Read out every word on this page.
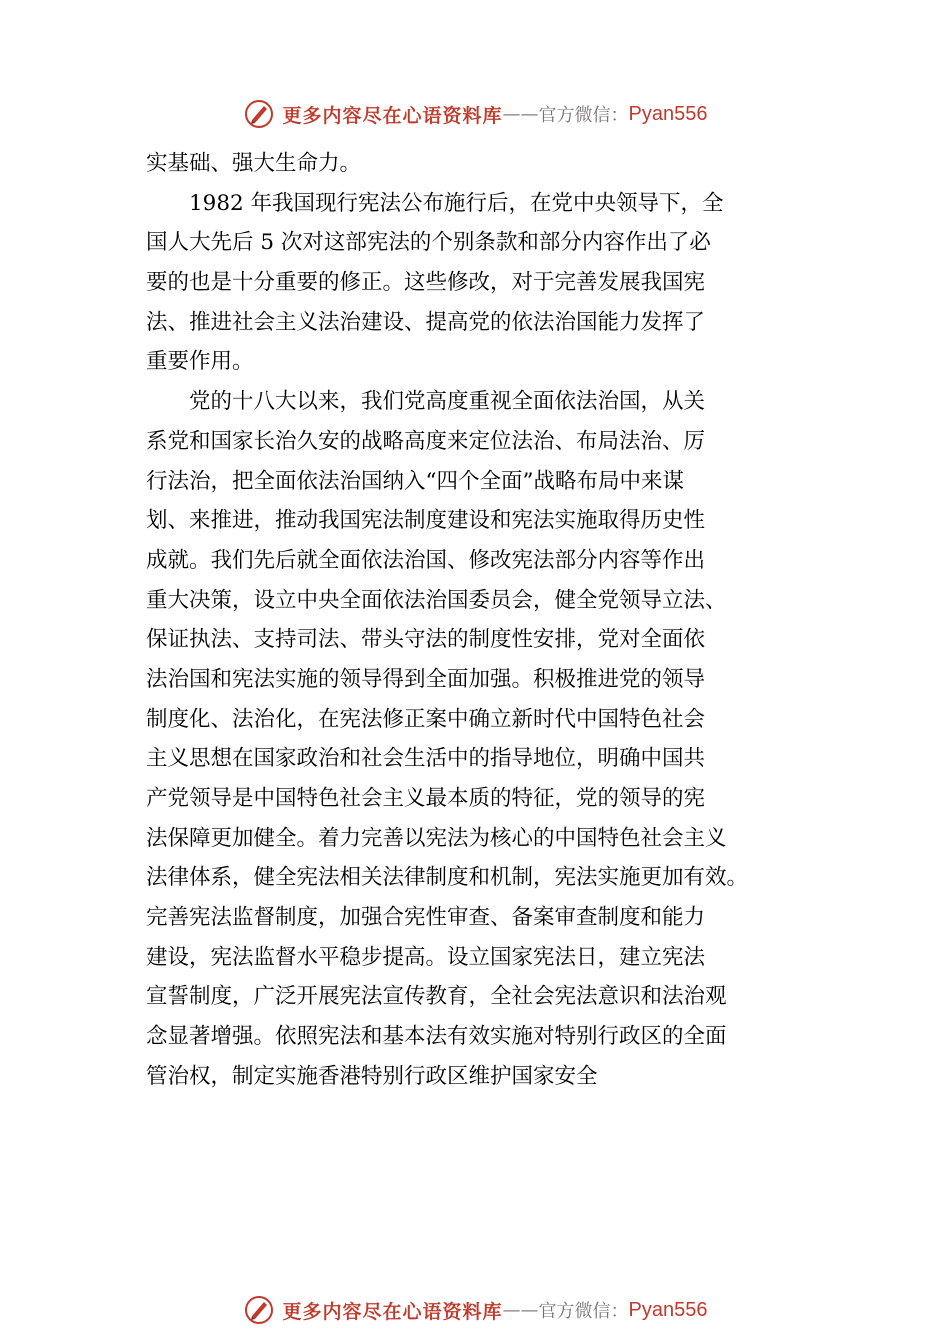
更多内容尽在心语资料库 —— 官方微信： Pyan556
实基础、强大生命力。
　　1982 年我国现行宪法公布施行后，在党中央领导下，全
国人大先后 5 次对这部宪法的个别条款和部分内容作出了必
要的也是十分重要的修正。这些修改，对于完善发展我国宪
法、推进社会主义法治建设、提高党的依法治国能力发挥了
重要作用。
　　党的十八大以来，我们党高度重视全面依法治国，从关
系党和国家长治久安的战略高度来定位法治、布局法治、厉
行法治，把全面依法治国纳入“四个全面”战略布局中来谋
划、来推进，推动我国宪法制度建设和宪法实施取得历史性
成就。我们先后就全面依法治国、修改宪法部分内容等作出
重大决策，设立中央全面依法治国委员会，健全党领导立法、
保证执法、支持司法、带头守法的制度性安排，党对全面依
法治国和宪法实施的领导得到全面加强。积极推进党的领导
制度化、法治化，在宪法修正案中确立新时代中国特色社会
主义思想在国家政治和社会生活中的指导地位，明确中国共
产党领导是中国特色社会主义最本质的特征，党的领导的宪
法保障更加健全。着力完善以宪法为核心的中国特色社会主义
法律体系，健全宪法相关法律制度和机制，宪法实施更加有效。
完善宪法监督制度，加强合宪性审查、备案审查制度和能力
建设，宪法监督水平稳步提高。设立国家宪法日，建立宪法
宣誓制度，广泛开展宪法宣传教育，全社会宪法意识和法治观
念显著增强。依照宪法和基本法有效实施对特别行政区的全面
管治权，制定实施香港特别行政区维护国家安全
更多内容尽在心语资料库 —— 官方微信： Pyan556
